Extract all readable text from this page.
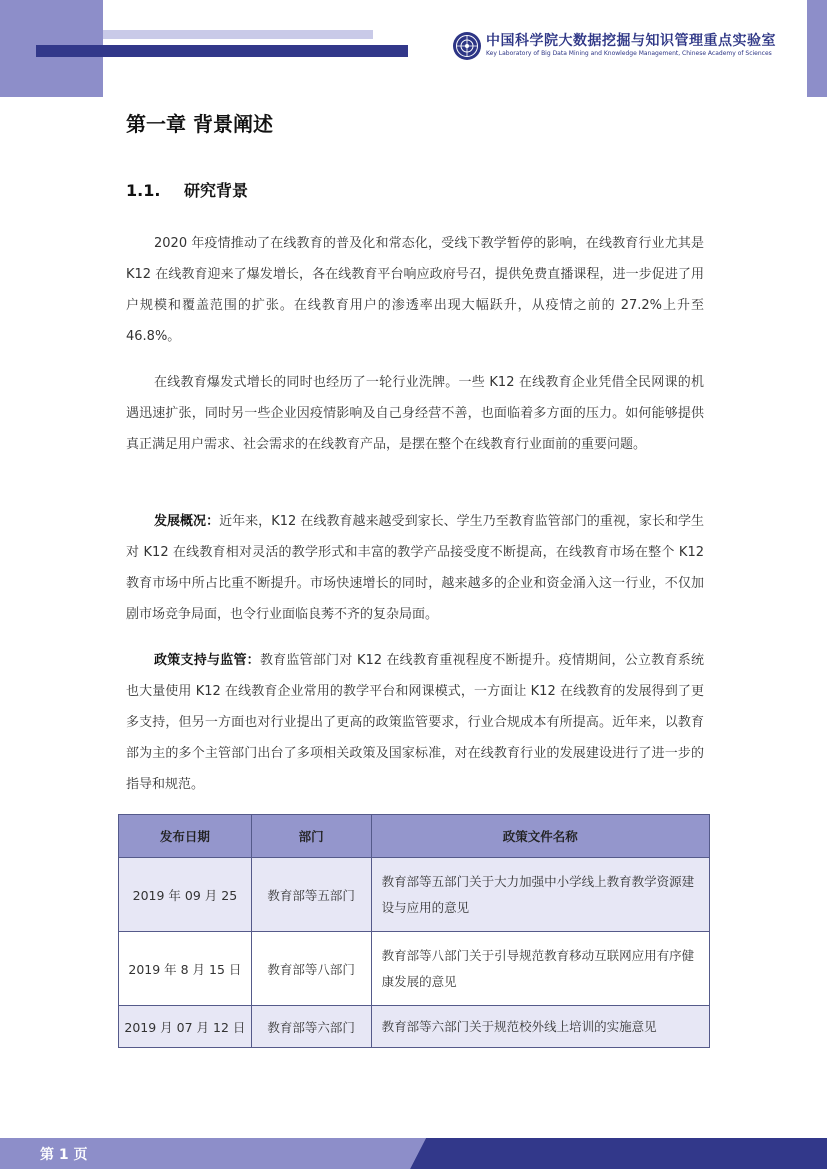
中国科学院大数据挖掘与知识管理重点实验室
Key Laboratory of Big Data Mining and Knowledge Management, Chinese Academy of Sciences
第一章 背景阐述
1.1. 研究背景

2020 年疫情推动了在线教育的普及化和常态化，受线下教学暂停的影响，在线教育行业尤其是 K12 在线教育迎来了爆发增长，各在线教育平台响应政府号召，提供免费直播课程，进一步促进了用户规模和覆盖范围的扩张。在线教育用户的渗透率出现大幅跃升，从疫情之前的 27.2%上升至 46.8%。

在线教育爆发式增长的同时也经历了一轮行业洗牌。一些 K12 在线教育企业凭借全民网课的机遇迅速扩张，同时另一些企业因疫情影响及自己身经营不善，也面临着多方面的压力。如何能够提供真正满足用户需求、社会需求的在线教育产品，是摆在整个在线教育行业面前的重要问题。

发展概况：近年来，K12 在线教育越来越受到家长、学生乃至教育监管部门的重视，家长和学生对 K12 在线教育相对灵活的教学形式和丰富的教学产品接受度不断提高，在线教育市场在整个 K12 教育市场中所占比重不断提升。市场快速增长的同时，越来越多的企业和资金涌入这一行业，不仅加剧市场竞争局面，也令行业面临良莠不齐的复杂局面。

政策支持与监管：教育监管部门对 K12 在线教育重视程度不断提升。疫情期间，公立教育系统也大量使用 K12 在线教育企业常用的教学平台和网课模式，一方面让 K12 在线教育的发展得到了更多支持，但另一方面也对行业提出了更高的政策监管要求，行业合规成本有所提高。近年来，以教育部为主的多个主管部门出台了多项相关政策及国家标准，对在线教育行业的发展建设进行了进一步的指导和规范。

发布日期	部门	政策文件名称
2019 年 09 月 25	教育部等五部门	教育部等五部门关于大力加强中小学线上教育教学资源建设与应用的意见
2019 年 8 月 15 日	教育部等八部门	教育部等八部门关于引导规范教育移动互联网应用有序健康发展的意见
2019 月 07 月 12 日	教育部等六部门	教育部等六部门关于规范校外线上培训的实施意见
第 1 页
